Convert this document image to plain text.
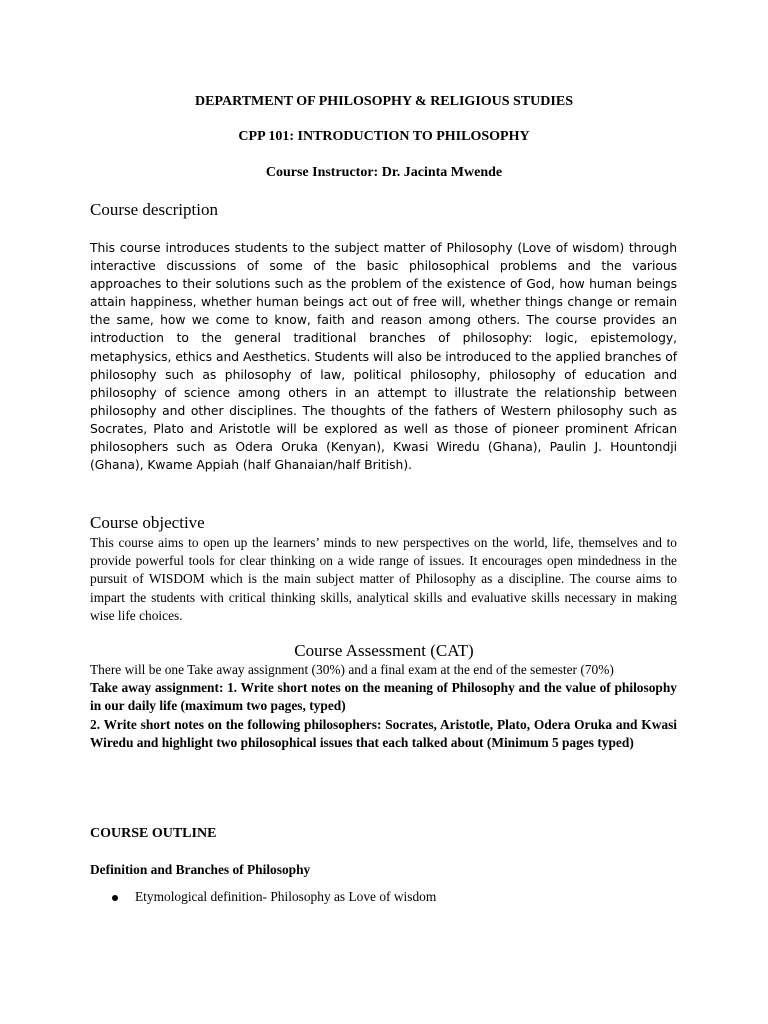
DEPARTMENT OF PHILOSOPHY & RELIGIOUS STUDIES
CPP 101: INTRODUCTION TO PHILOSOPHY
Course Instructor: Dr. Jacinta Mwende
Course description
This course introduces students to the subject matter of Philosophy (Love of wisdom) through interactive discussions of some of the basic philosophical problems and the various approaches to their solutions such as the problem of the existence of God, how human beings attain happiness, whether human beings act out of free will, whether things change or remain the same, how we come to know, faith and reason among others. The course provides an introduction to the general traditional branches of philosophy: logic, epistemology, metaphysics, ethics and Aesthetics. Students will also be introduced to the applied branches of philosophy such as philosophy of law, political philosophy, philosophy of education and philosophy of science among others in an attempt to illustrate the relationship between philosophy and other disciplines. The thoughts of the fathers of Western philosophy such as Socrates, Plato and Aristotle will be explored as well as those of pioneer prominent African philosophers such as Odera Oruka (Kenyan), Kwasi Wiredu (Ghana), Paulin J. Hountondji (Ghana), Kwame Appiah (half Ghanaian/half British).
Course objective
This course aims to open up the learners’ minds to new perspectives on the world, life, themselves and to provide powerful tools for clear thinking on a wide range of issues. It encourages open mindedness in the pursuit of WISDOM which is the main subject matter of Philosophy as a discipline. The course aims to impart the students with critical thinking skills, analytical skills and evaluative skills necessary in making wise life choices.
Course Assessment (CAT)
There will be one Take away assignment (30%) and a final exam at the end of the semester (70%)
Take away assignment: 1. Write short notes on the meaning of Philosophy and the value of philosophy in our daily life (maximum two pages, typed)
2. Write short notes on the following philosophers: Socrates, Aristotle, Plato, Odera Oruka and Kwasi Wiredu and highlight two philosophical issues that each talked about (Minimum 5 pages typed)
COURSE OUTLINE
Definition and Branches of Philosophy
Etymological definition- Philosophy as Love of wisdom
